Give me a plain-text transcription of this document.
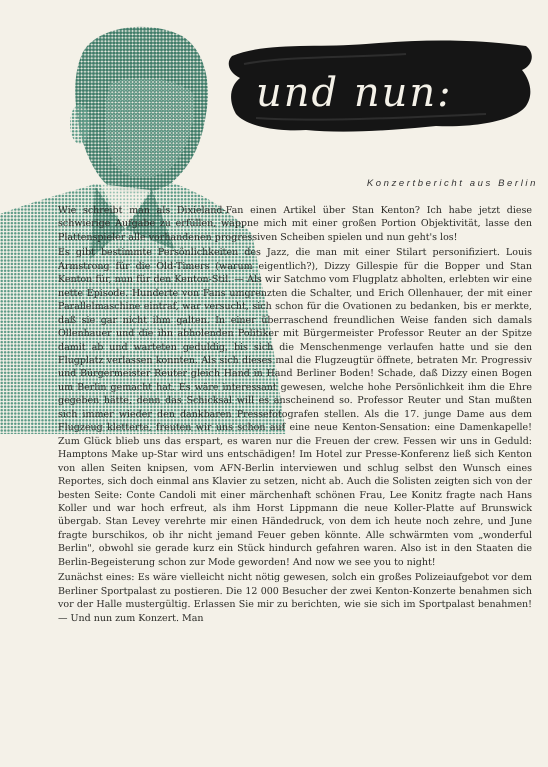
und nun:
Konzertbericht aus Berlin

Wie schreibt man als Dixieland-Fan einen Artikel über Stan Kenton? Ich habe jetzt diese schwierige Aufgabe zu erfüllen, wappne mich mit einer großen Portion Objektivität, lasse den Plattenspieler alle vorhandenen progressiven Scheiben spielen und nun geht's los!

Es gibt bestimmte Persönlichkeiten des Jazz, die man mit einer Stilart personifiziert. Louis Armstrong für die Old-Timers (warum eigentlich?), Dizzy Gillespie für die Bopper und Stan Kenton für, nun für den Kenton-Stil. — Als wir Satchmo vom Flugplatz abholten, erlebten wir eine nette Episode. Hunderte von Fans umgrenzten die Schalter, und Erich Ollenhauer, der mit einer Parallelmaschine eintraf, war versucht, sich schon für die Ovationen zu bedanken, bis er merkte, daß sie gar nicht ihm galten. In einer überraschend freundlichen Weise fanden sich damals Ollenhauer und die ihn abholenden Politiker mit Bürgermeister Professor Reuter an der Spitze damit ab und warteten geduldig, bis sich die Menschenmenge verlaufen hatte und sie den Flugplatz verlassen konnten. Als sich dieses mal die Flugzeugtür öffnete, betraten Mr. Progressiv und Bürgermeister Reuter gleich Hand in Hand Berliner Boden! Schade, daß Dizzy einen Bogen um Berlin gemacht hat. Es wäre interessant gewesen, welche hohe Persönlichkeit ihm die Ehre gegeben hätte, denn das Schicksal will es anscheinend so. Professor Reuter und Stan mußten sich immer wieder den dankbaren Pressefotografen stellen. Als die 17. junge Dame aus dem Flugzeug kletterte, freuten wir uns schon auf eine neue Kenton-Sensation: eine Damenkapelle! Zum Glück blieb uns das erspart, es waren nur die Freuen der crew. Fessen wir uns in Geduld: Hamptons Make up-Star wird uns entschädigen! Im Hotel zur Presse-Konferenz ließ sich Kenton von allen Seiten knipsen, vom AFN-Berlin interviewen und schlug selbst den Wunsch eines Reportes, sich doch einmal ans Klavier zu setzen, nicht ab. Auch die Solisten zeigten sich von der besten Seite: Conte Candoli mit einer märchenhaft schönen Frau, Lee Konitz fragte nach Hans Koller und war hoch erfreut, als ihm Horst Lippmann die neue Koller-Platte auf Brunswick übergab. Stan Levey verehrte mir einen Händedruck, von dem ich heute noch zehre, und June fragte burschikos, ob ihr nicht jemand Feuer geben könnte. Alle schwärmten vom „wonderful Berlin", obwohl sie gerade kurz ein Stück hindurch gefahren waren. Also ist in den Staaten die Berlin-Begeisterung schon zur Mode geworden! And now we see you to night!

Zunächst eines: Es wäre vielleicht nicht nötig gewesen, solch ein großes Polizeiaufgebot vor dem Berliner Sportpalast zu postieren. Die 12 000 Besucher der zwei Kenton-Konzerte benahmen sich vor der Halle mustergültig. Erlassen Sie mir zu berichten, wie sie sich im Sportpalast benahmen! — Und nun zum Konzert. Man
